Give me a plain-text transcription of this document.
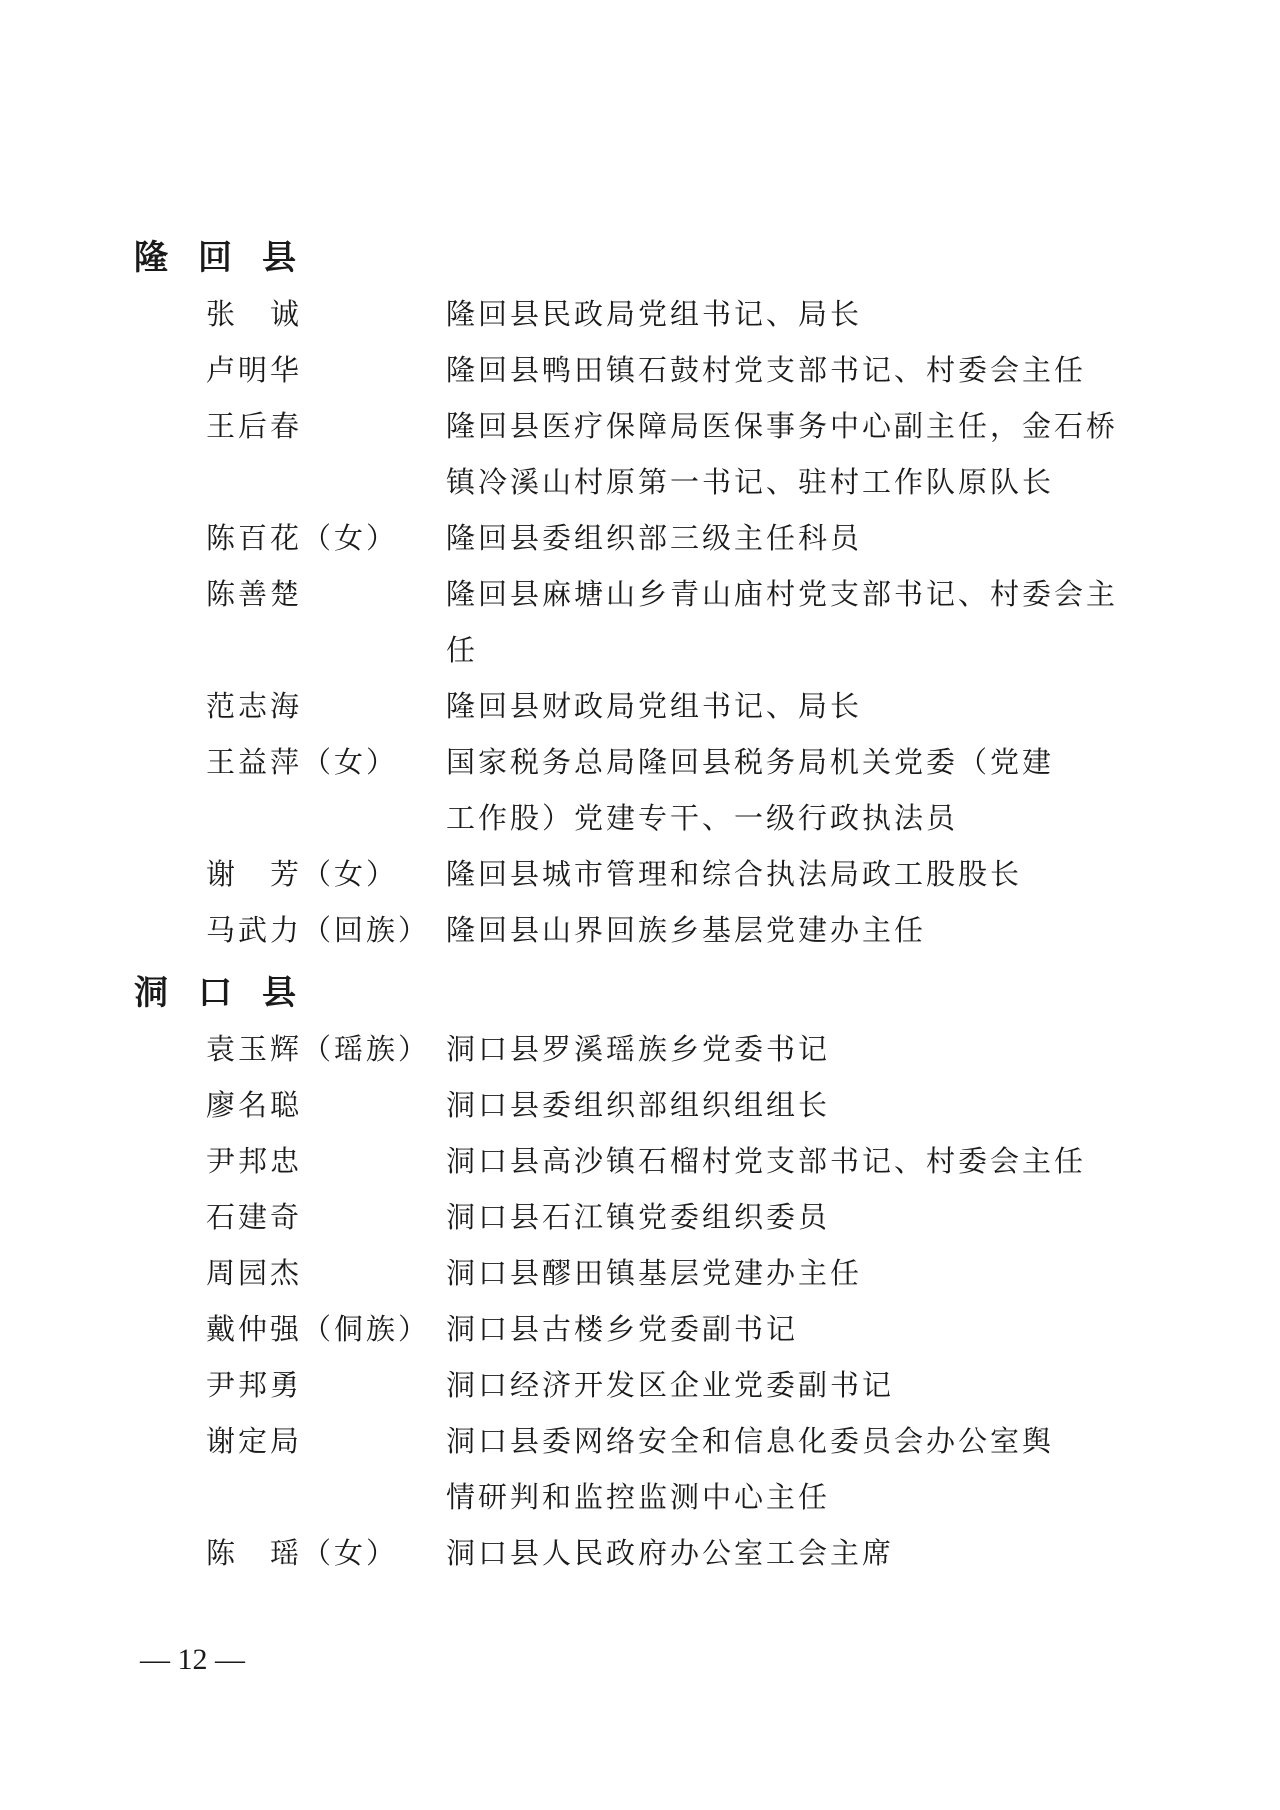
隆回县
张　诚	隆回县民政局党组书记、局长
卢明华	隆回县鸭田镇石鼓村党支部书记、村委会主任
王后春	隆回县医疗保障局医保事务中心副主任，金石桥
镇冷溪山村原第一书记、驻村工作队原队长
陈百花（女） 隆回县委组织部三级主任科员
陈善楚	隆回县麻塘山乡青山庙村党支部书记、村委会主任
范志海	隆回县财政局党组书记、局长
王益萍（女） 国家税务总局隆回县税务局机关党委（党建
工作股）党建专干、一级行政执法员
谢　芳（女） 隆回县城市管理和综合执法局政工股股长
马武力（回族） 隆回县山界回族乡基层党建办主任
洞口县
袁玉辉（瑶族） 洞口县罗溪瑶族乡党委书记
廖名聪	洞口县委组织部组织组组长
尹邦忠	洞口县高沙镇石榴村党支部书记、村委会主任
石建奇	洞口县石江镇党委组织委员
周园杰	洞口县醪田镇基层党建办主任
戴仲强（侗族） 洞口县古楼乡党委副书记
尹邦勇	洞口经济开发区企业党委副书记
谢定局	洞口县委网络安全和信息化委员会办公室舆
情研判和监控监测中心主任
陈　瑶（女） 洞口县人民政府办公室工会主席
— 12 —
